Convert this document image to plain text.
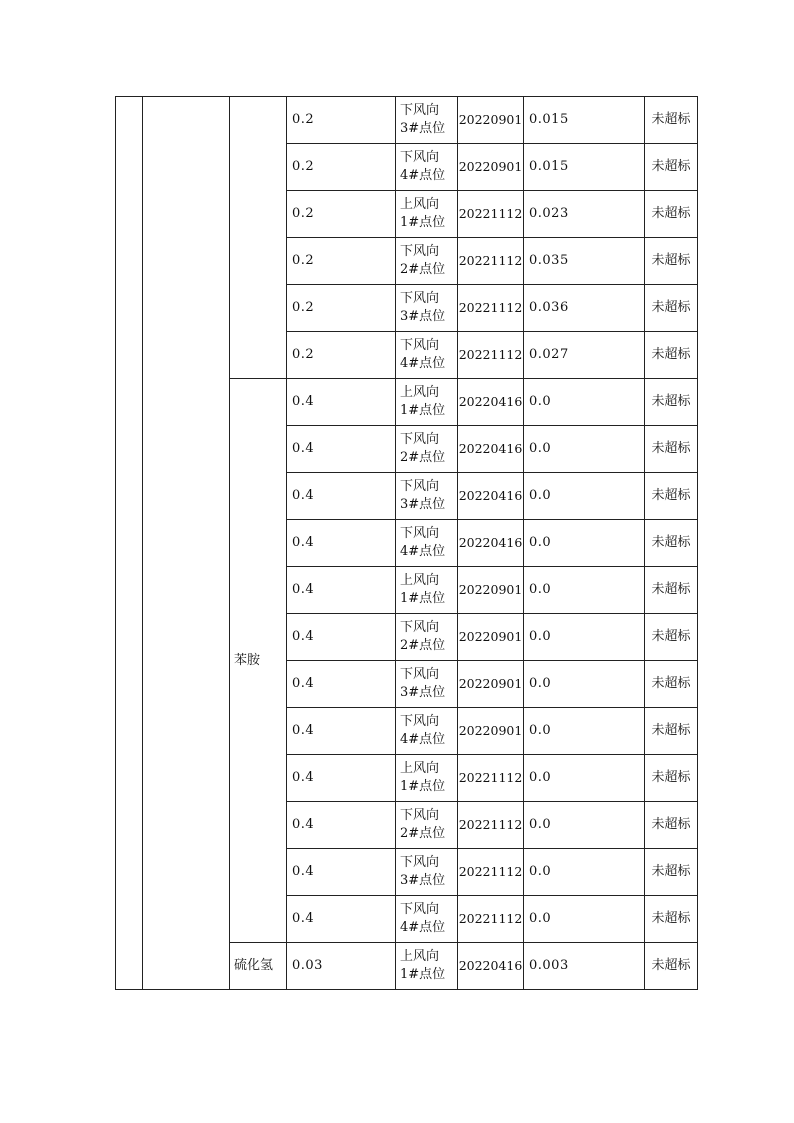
			0.2	下风向
3#点位	20220901	0.015	未超标
			0.2	下风向
4#点位	20220901	0.015	未超标
			0.2	上风向
1#点位	20221112	0.023	未超标
			0.2	下风向
2#点位	20221112	0.035	未超标
			0.2	下风向
3#点位	20221112	0.036	未超标
			0.2	下风向
4#点位	20221112	0.027	未超标
		苯胺	0.4	上风向
1#点位	20220416	0.0	未超标
			0.4	下风向
2#点位	20220416	0.0	未超标
			0.4	下风向
3#点位	20220416	0.0	未超标
			0.4	下风向
4#点位	20220416	0.0	未超标
			0.4	上风向
1#点位	20220901	0.0	未超标
			0.4	下风向
2#点位	20220901	0.0	未超标
			0.4	下风向
3#点位	20220901	0.0	未超标
			0.4	下风向
4#点位	20220901	0.0	未超标
			0.4	上风向
1#点位	20221112	0.0	未超标
			0.4	下风向
2#点位	20221112	0.0	未超标
			0.4	下风向
3#点位	20221112	0.0	未超标
			0.4	下风向
4#点位	20221112	0.0	未超标
		硫化氢	0.03	上风向
1#点位	20220416	0.003	未超标
